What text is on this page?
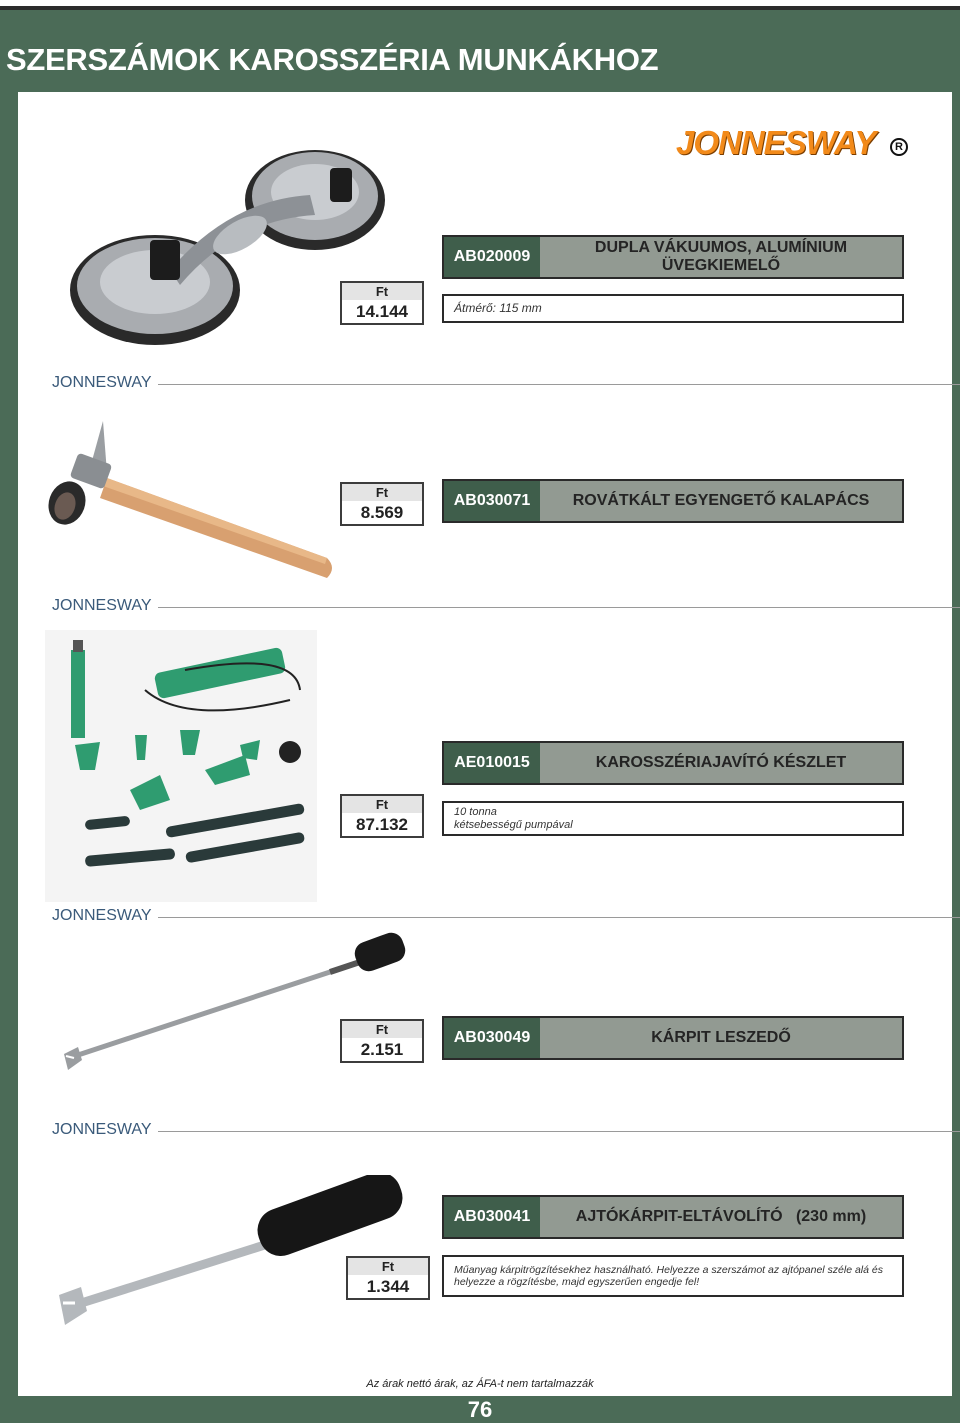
SZERSZÁMOK KAROSSZÉRIA MUNKÁKHOZ
JONNESWAY	R
AB020009
DUPLA VÁKUUMOS, ALUMÍNIUM ÜVEGKIEMELŐ
Ft
14.144	Átmérő: 115 mm
JONNESWAY
Ft
8.569
AB030071	ROVÁTKÁLT EGYENGETŐ KALAPÁCS
JONNESWAY
AE010015	KAROSSZÉRIAJAVÍTÓ KÉSZLET
Ft
87.132
10 tonna
kétsebességű pumpával
JONNESWAY
Ft
2.151
AB030049	KÁRPIT LESZEDŐ
JONNESWAY
AB030041	AJTÓKÁRPIT-ELTÁVOLÍTÓ   (230 mm)
Ft
1.344
Műanyag kárpitrögzítésekhez használható. Helyezze a szerszámot az ajtópanel széle alá és
helyezze a rögzítésbe, majd egyszerűen engedje fel!
Az árak nettó árak, az ÁFA-t nem tartalmazzák
76
